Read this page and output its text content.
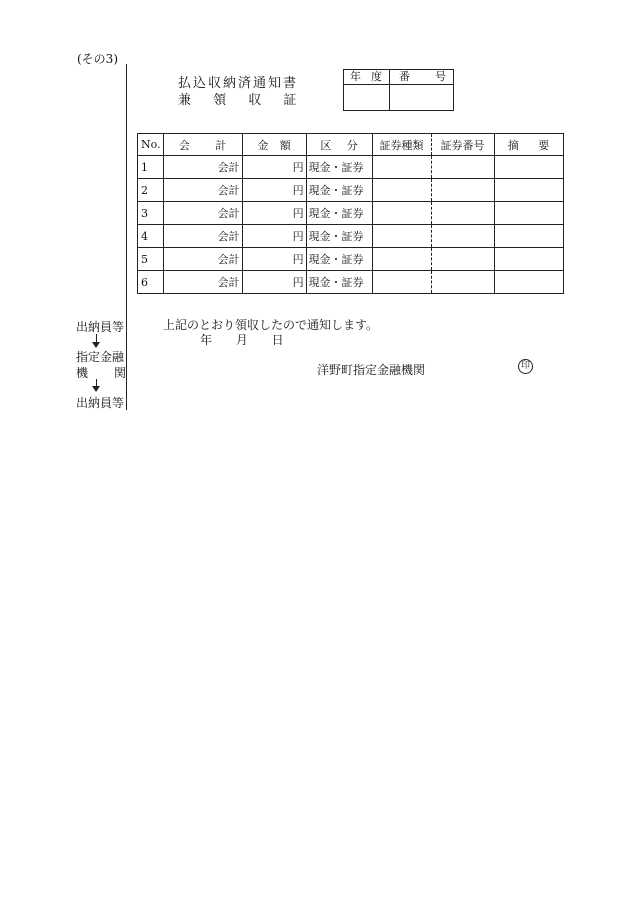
(その3)
払込収納済通知書
兼 領 収 証
年 度 番 号
No.	会 計	金 額	区 分	証券種類	証券番号	摘 要
1	会計	円	現金・証券			
2	会計	円	現金・証券			
3	会計	円	現金・証券			
4	会計	円	現金・証券			
5	会計	円	現金・証券			
6	会計	円	現金・証券			
出納員等
指定金融
機 関
出納員等
上記のとおり領収したので通知します。
年 月 日
洋野町指定金融機関	印
